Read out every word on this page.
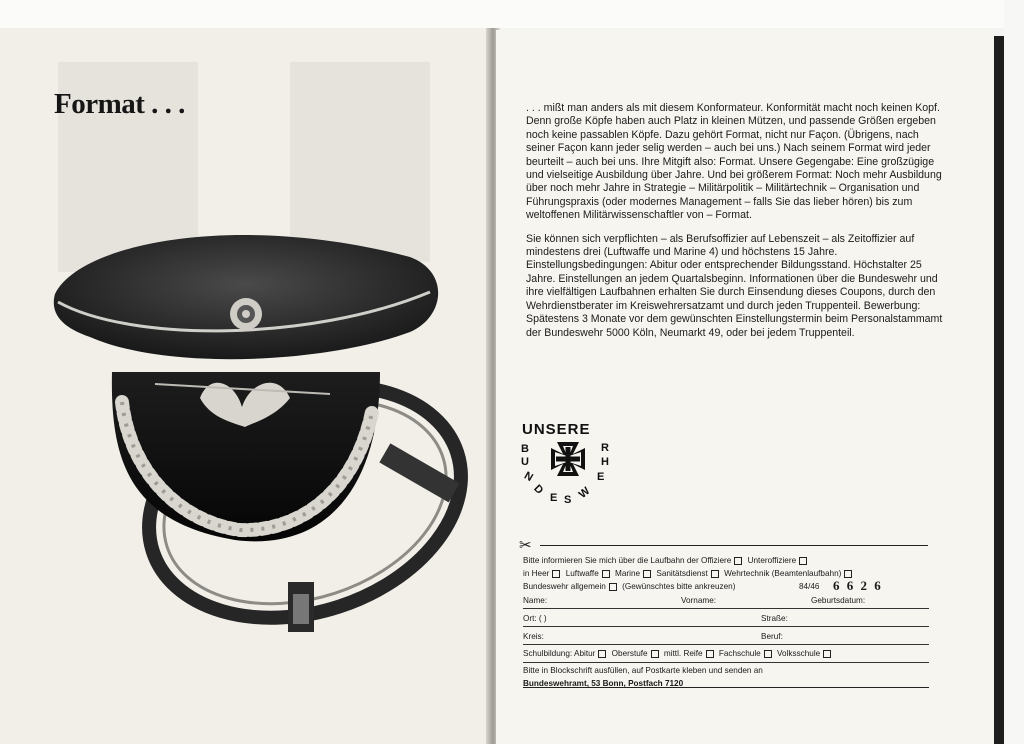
Format . . .	. . . mißt man anders als mit diesem Konformateur. Konformität macht noch keinen Kopf. Denn große Köpfe haben auch Platz in kleinen Mützen, und passende Größen ergeben noch keine passablen Köpfe. Dazu gehört Format, nicht nur Façon. (Übrigens, nach seiner Façon kann jeder selig werden – auch bei uns.) Nach seinem Format wird jeder beurteilt – auch bei uns. Ihre Mitgift also: Format. Unsere Gegengabe: Eine großzügige und vielseitige Ausbildung über Jahre. Und bei größerem Format: Noch mehr Ausbildung über noch mehr Jahre in Strategie – Militärpolitik – Militärtechnik – Organisation und Führungspraxis (oder modernes Management – falls Sie das lieber hören) bis zum weltoffenen Militärwissenschaftler von – Format.

Sie können sich verpflichten – als Berufsoffizier auf Lebenszeit – als Zeitoffizier auf mindestens drei (Luftwaffe und Marine 4) und höchstens 15 Jahre. Einstellungsbedingungen: Abitur oder entsprechender Bildungsstand. Höchstalter 25 Jahre. Einstellungen an jedem Quartalsbeginn. Informationen über die Bundeswehr und ihre vielfältigen Laufbahnen erhalten Sie durch Einsendung dieses Coupons, durch den Wehrdienstberater im Kreiswehrersatzamt und durch jeden Truppenteil. Bewerbung: Spätestens 3 Monate vor dem gewünschten Einstellungstermin beim Personalstammamt der Bundeswehr 5000 Köln, Neumarkt 49, oder bei jedem Truppenteil.

UNSERE
B
U
N
D
E S W
E
H
R
✂
Bitte informieren Sie mich über die Laufbahn der Offiziere Unteroffiziere
in Heer Luftwaffe Marine Sanitätsdienst Wehrtechnik (Beamtenlaufbahn)
Bundeswehr allgemein (Gewünschtes bitte ankreuzen)	84/46 6 6 2 6
Name:	Vorname:	Geburtsdatum:
Ort: ( )	Straße:
Kreis:	Beruf:
Schulbildung: Abitur Oberstufe mittl. Reife Fachschule Volksschule
Bitte in Blockschrift ausfüllen, auf Postkarte kleben und senden an
Bundeswehramt, 53 Bonn, Postfach 7120
